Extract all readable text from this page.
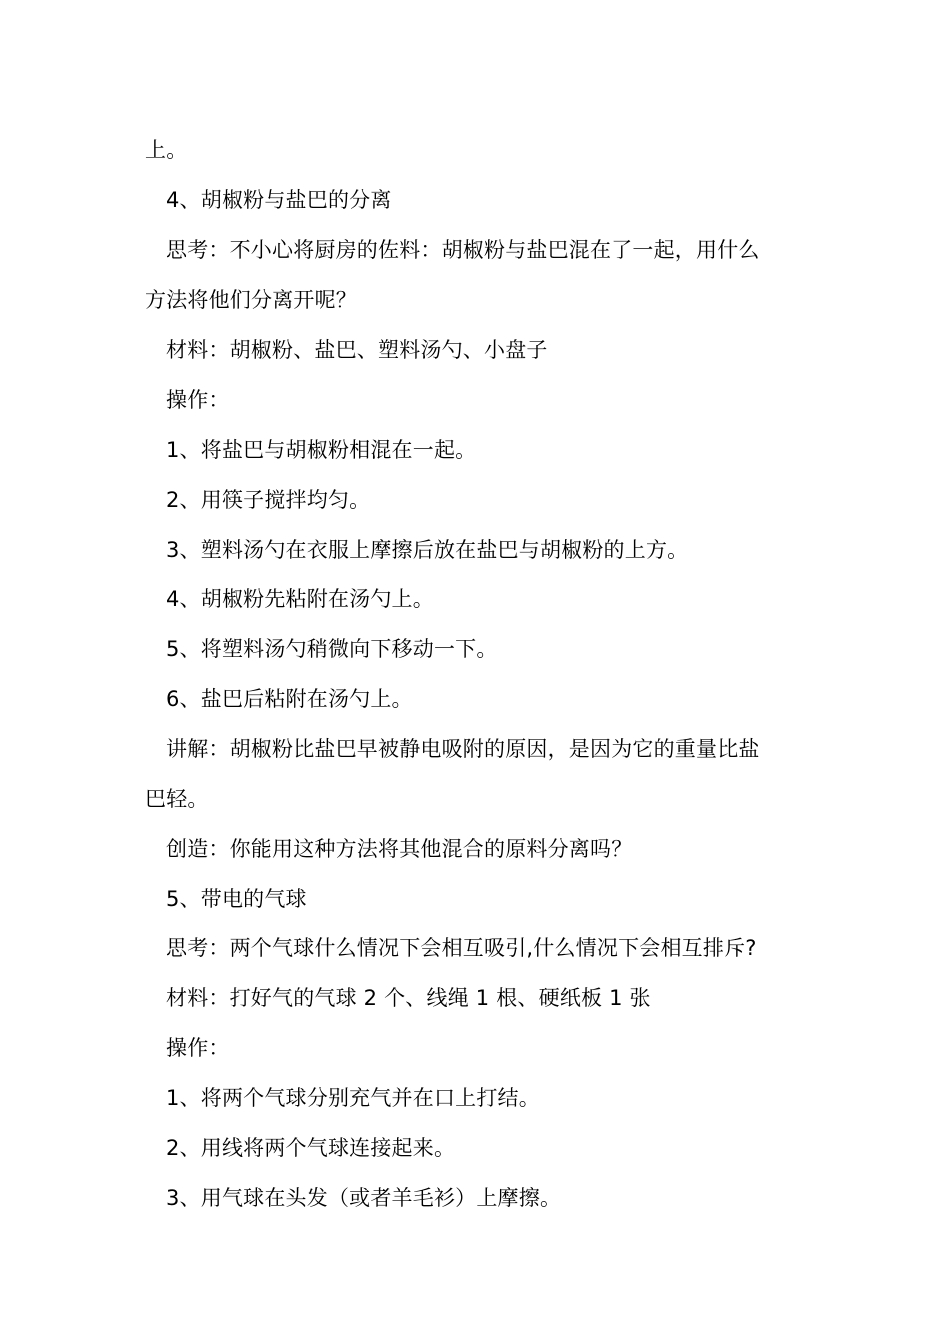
上。
4、胡椒粉与盐巴的分离
思考：不小心将厨房的佐料：胡椒粉与盐巴混在了一起，用什么
方法将他们分离开呢？
材料：胡椒粉、盐巴、塑料汤勺、小盘子
操作：
1、将盐巴与胡椒粉相混在一起。
2、用筷子搅拌均匀。
3、塑料汤勺在衣服上摩擦后放在盐巴与胡椒粉的上方。
4、胡椒粉先粘附在汤勺上。
5、将塑料汤勺稍微向下移动一下。
6、盐巴后粘附在汤勺上。
讲解：胡椒粉比盐巴早被静电吸附的原因，是因为它的重量比盐
巴轻。
创造：你能用这种方法将其他混合的原料分离吗？
5、带电的气球
思考：两个气球什么情况下会相互吸引,什么情况下会相互排斥?
材料：打好气的气球 2 个、线绳 1 根、硬纸板 1 张
操作：
1、将两个气球分别充气并在口上打结。
2、用线将两个气球连接起来。
3、用气球在头发（或者羊毛衫）上摩擦。
